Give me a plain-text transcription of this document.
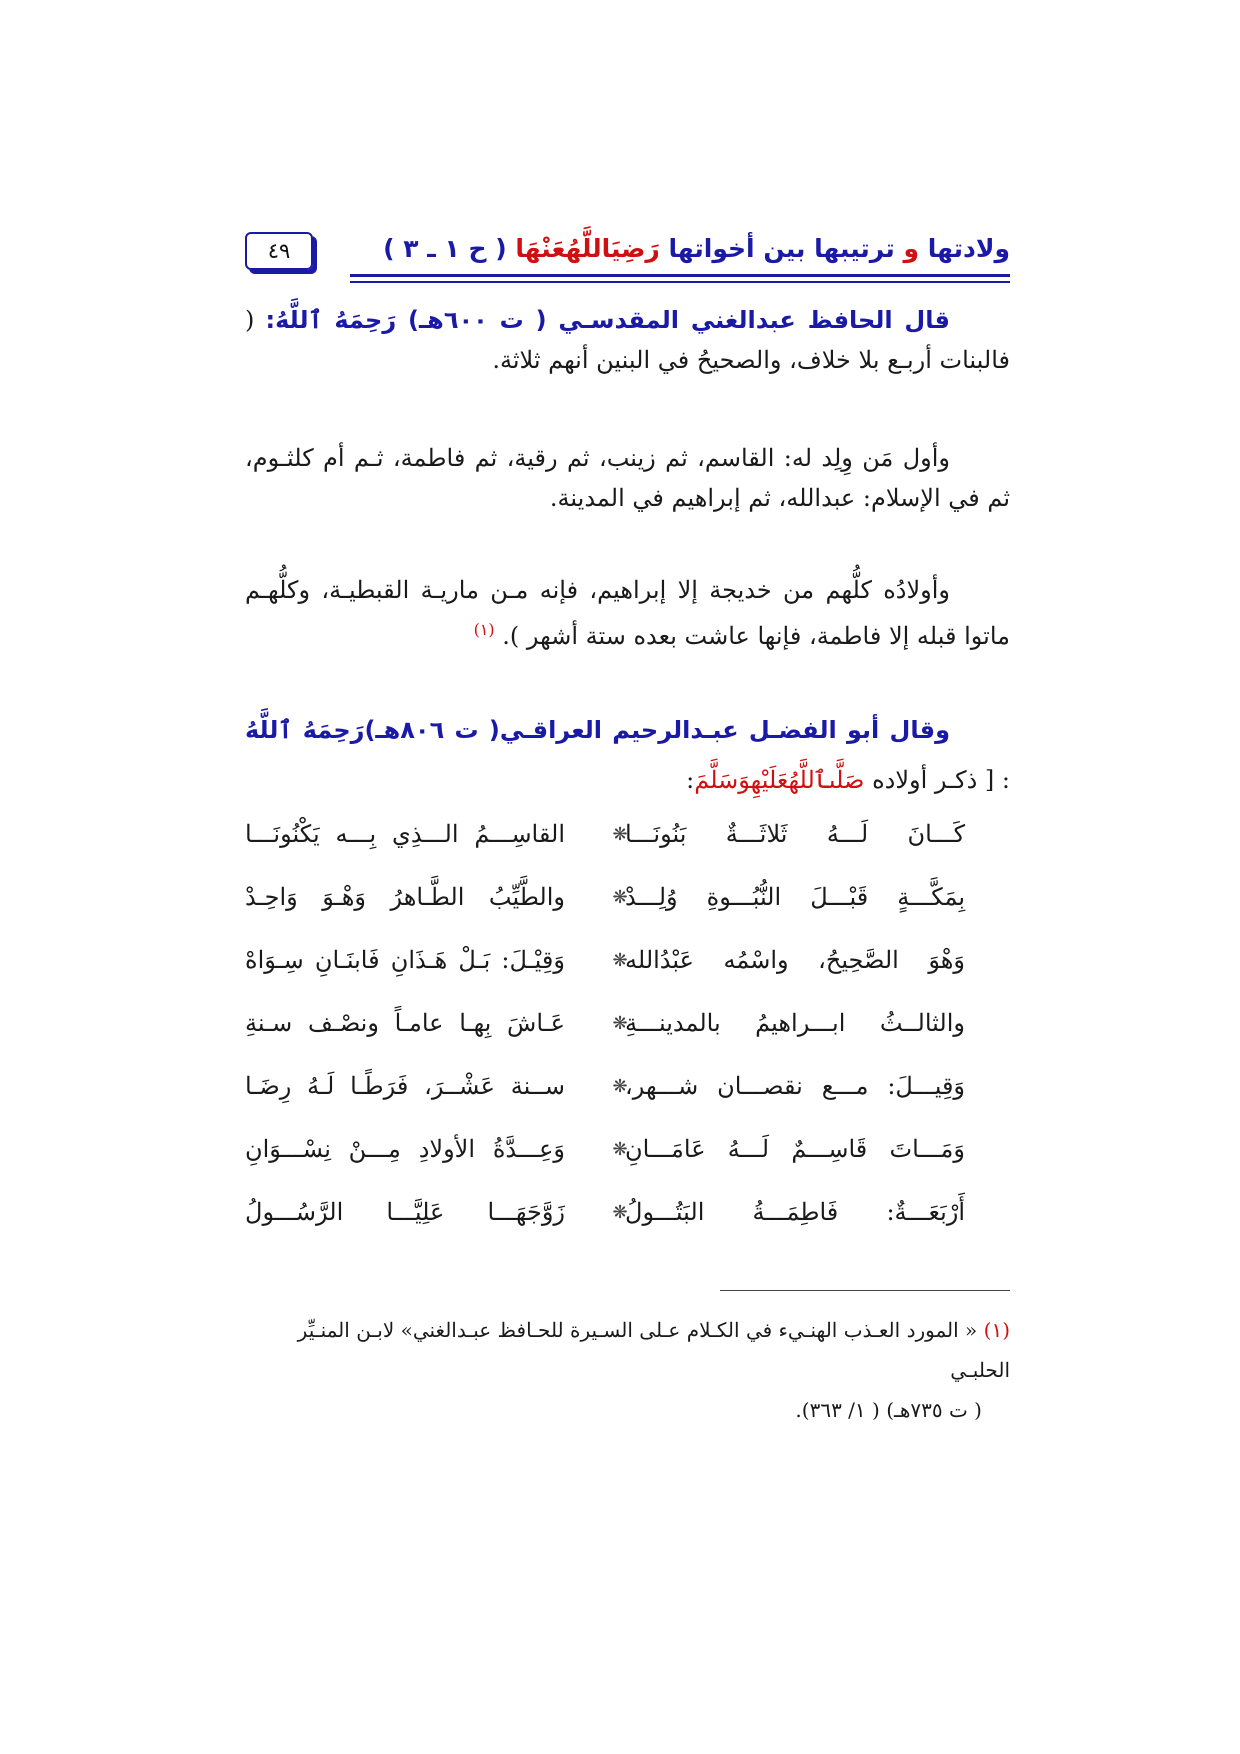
ولادتها و ترتيبها بين أخواتها رَضِيَاللَّهُعَنْهَا ( ح ١ ـ ٣ )
٤٩
قال الحافظ عبدالغني المقدسـي ( ت ٦٠٠هـ) رَحِمَهُ ٱللَّهُ: ( فالبنات أربـع بلا خلاف، والصحيحُ في البنين أنهم ثلاثة.
وأول مَن وِلِد له: القاسم، ثم زينب، ثم رقية، ثم فاطمة، ثـم أم كلثـوم، ثم في الإسلام: عبدالله، ثم إبراهيم في المدينة.
وأولادُه كلُّهم من خديجة إلا إبراهيم، فإنه مـن ماريـة القبطيـة، وكلُّهـم ماتوا قبله إلا فاطمة، فإنها عاشت بعده ستة أشهر ). $^{(١)}$
وقال أبو الفضـل عبـدالرحيم العراقـي( ت ٨٠٦هـ)رَحِمَهُ ٱللَّهُ : [ ذكـر أولاده صَلَّىٱللَّهُعَلَيْهِوَسَلَّمَ:
كَـــانَ لَـــهُ ثَلاثَـــةٌ بَنُونَـــا
❋
القاسِـــمُ الـــذِي بِـــه يَكْنُونَـــا
بِمَكَّـــةٍ قَبْـــلَ النُّبُـــوةِ وُلِـــدْ
❋
والطَّيِّبُ الطَّـاهرُ وَهْـوَ وَاحِـدْ
وَهْوَ الصَّحِيحُ، واسْمُه عَبْدُالله
❋
وَقِيْـلَ: بَـلْ هَـذَانِ فَابنَـانِ سِـوَاهْ
والثالــثُ ابـــراهيمُ بالمدينـــةِ
❋
عَـاشَ بِهـا عامـاً ونصْـف سـنةِ
وَقِيـــلَ: مـــع نقصـــان شـــهر،
❋
ســنة عَشْــرَ، فَرَطًـا لَـهُ رِضَـا
وَمَـــاتَ قَاسِـــمٌ لَـــهُ عَامَـــانِ
❋
وَعِـــدَّةُ الأولادِ مِـــنْ نِسْـــوَانِ
أَرْبَعَـــةٌ: فَاطِمَـــةُ البَتُـــولُ
❋
زَوَّجَهَـــا عَلِيَّـــا الرَّسُـــولُ
(١) « المورد العـذب الهنـيء في الكـلام عـلى السـيرة للحـافظ عبـدالغني» لابـن المنـيِّر الحلبـي
( ت ٧٣٥هـ) ( ١/ ٣٦٣).
